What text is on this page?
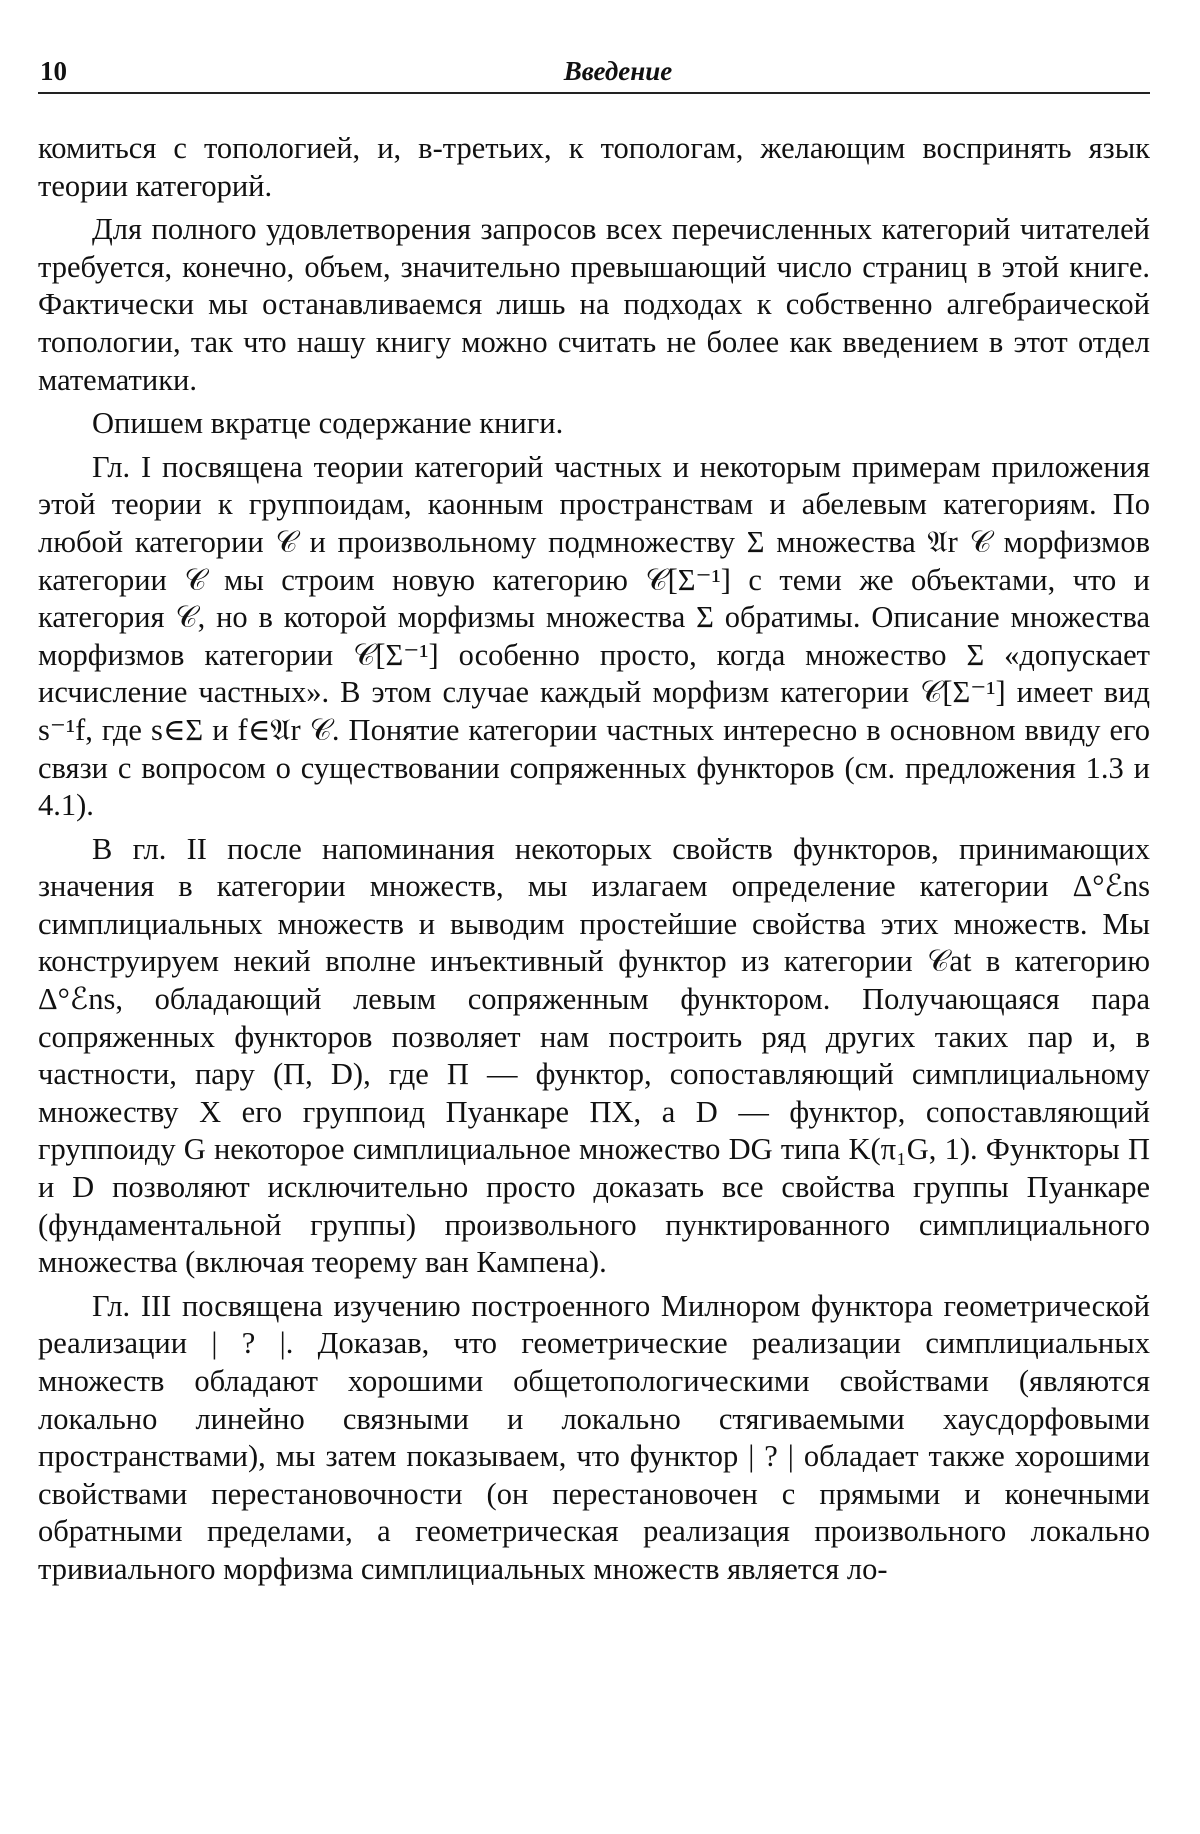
10	Введение

комиться с топологией, и, в-третьих, к топологам, желающим воспринять язык теории категорий.

Для полного удовлетворения запросов всех перечисленных категорий читателей требуется, конечно, объем, значительно превышающий число страниц в этой книге. Фактически мы останавливаемся лишь на подходах к собственно алгебраической топологии, так что нашу книгу можно считать не более как введением в этот отдел математики.

Опишем вкратце содержание книги.

Гл. I посвящена теории категорий частных и некоторым примерам приложения этой теории к группоидам, каонным пространствам и абелевым категориям. По любой категории 𝒞 и произвольному подмножеству Σ множества 𝔄r 𝒞 морфизмов категории 𝒞 мы строим новую категорию 𝒞[Σ⁻¹] с теми же объектами, что и категория 𝒞, но в которой морфизмы множества Σ обратимы. Описание множества морфизмов категории 𝒞[Σ⁻¹] особенно просто, когда множество Σ «допускает исчисление частных». В этом случае каждый морфизм категории 𝒞[Σ⁻¹] имеет вид s⁻¹f, где s∈Σ и f∈𝔄r 𝒞. Понятие категории частных интересно в основном ввиду его связи с вопросом о существовании сопряженных функторов (см. предложения 1.3 и 4.1).

В гл. II после напоминания некоторых свойств функторов, принимающих значения в категории множеств, мы излагаем определение категории Δ°ℰns симплициальных множеств и выводим простейшие свойства этих множеств. Мы конструируем некий вполне инъективный функтор из категории 𝒞at в категорию Δ°ℰns, обладающий левым сопряженным функтором. Получающаяся пара сопряженных функторов позволяет нам построить ряд других таких пар и, в частности, пару (Π, D), где Π — функтор, сопоставляющий симплициальному множеству X его группоид Пуанкаре ΠX, а D — функтор, сопоставляющий группоиду G некоторое симплициальное множество DG типа K(π₁G, 1). Функторы Π и D позволяют исключительно просто доказать все свойства группы Пуанкаре (фундаментальной группы) произвольного пунктированного симплициального множества (включая теорему ван Кампена).

Гл. III посвящена изучению построенного Милнором функтора геометрической реализации | ? |. Доказав, что геометрические реализации симплициальных множеств обладают хорошими общетопологическими свойствами (являются локально линейно связными и локально стягиваемыми хаусдорфовыми пространствами), мы затем показываем, что функтор | ? | обладает также хорошими свойствами перестановочности (он перестановочен с прямыми и конечными обратными пределами, а геометрическая реализация произвольного локально тривиального морфизма симплициальных множеств является ло-
